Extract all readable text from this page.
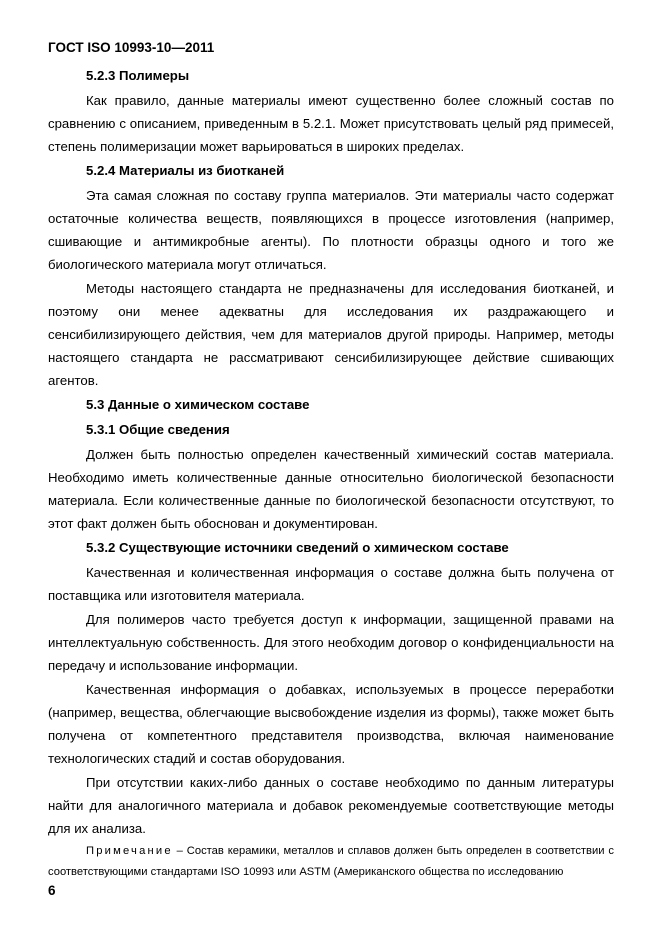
ГОСТ ISO 10993-10—2011

5.2.3 Полимеры

Как правило, данные материалы имеют существенно более сложный состав по сравнению с описанием, приведенным в 5.2.1. Может присутствовать целый ряд примесей, степень полимеризации может варьироваться в широких пределах.

5.2.4 Материалы из биотканей

Эта самая сложная по составу группа материалов. Эти материалы часто содержат остаточные количества веществ, появляющихся в процессе изготовления (например, сшивающие и антимикробные агенты). По плотности образцы одного и того же биологического материала могут отличаться.

Методы настоящего стандарта не предназначены для исследования биотканей, и поэтому они менее адекватны для исследования их раздражающего и сенсибилизирующего действия, чем для материалов другой природы. Например, методы настоящего стандарта не рассматривают сенсибилизирующее действие сшивающих агентов.

5.3 Данные о химическом составе

5.3.1 Общие сведения

Должен быть полностью определен качественный химический состав материала. Необходимо иметь количественные данные относительно биологической безопасности материала. Если количественные данные по биологической безопасности отсутствуют, то этот факт должен быть обоснован и документирован.

5.3.2 Существующие источники сведений о химическом составе

Качественная и количественная информация о составе должна быть получена от поставщика или изготовителя материала.

Для полимеров часто требуется доступ к информации, защищенной правами на интеллектуальную собственность. Для этого необходим договор о конфиденциальности на передачу и использование информации.

Качественная информация о добавках, используемых в процессе переработки (например, вещества, облегчающие высвобождение изделия из формы), также может быть получена от компетентного представителя производства, включая наименование технологических стадий и состав оборудования.

При отсутствии каких-либо данных о составе необходимо по данным литературы найти для аналогичного материала и добавок рекомендуемые соответствующие методы для их анализа.

Примечание – Состав керамики, металлов и сплавов должен быть определен в соответствии с соответствующими стандартами ISO 10993 или ASTM (Американского общества по исследованию

6
